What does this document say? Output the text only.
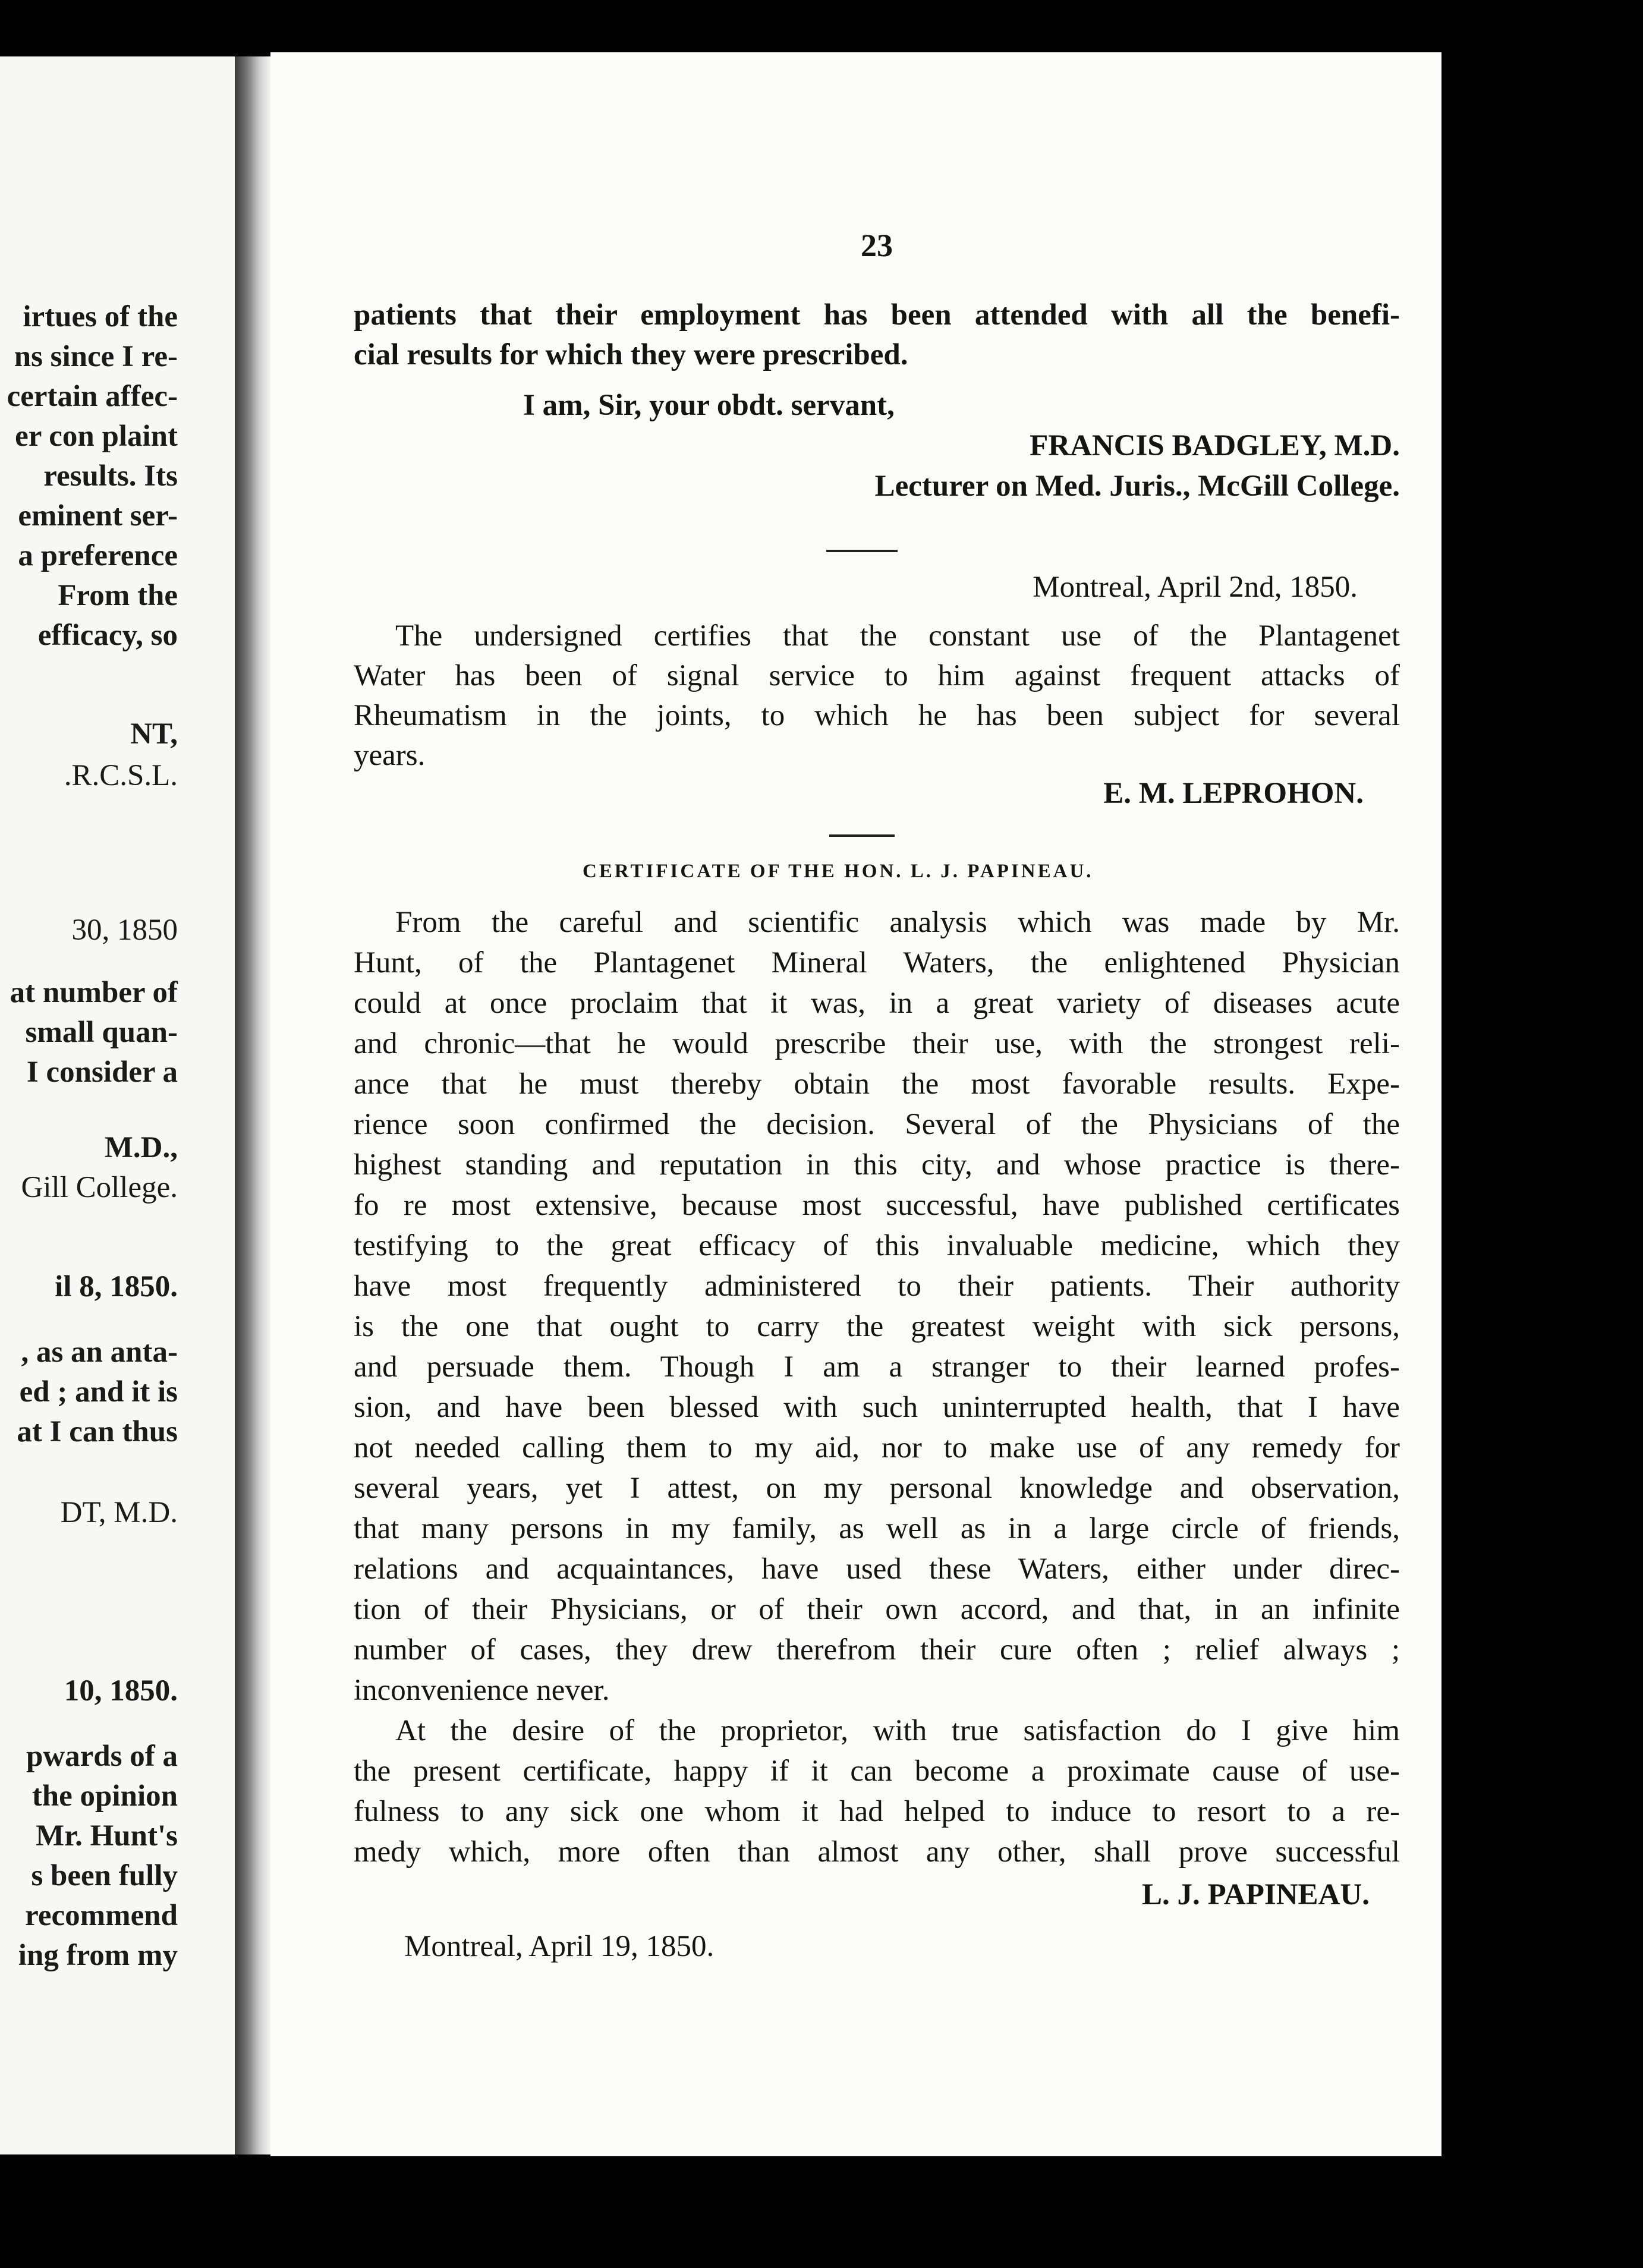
irtues of the
ns since I re-
certain affec-
er con plaint
results. Its
eminent ser-
a preference
From the
efficacy, so
NT,
.R.C.S.L.
30, 1850
at number of
small quan-
I consider a
M.D.,
Gill College.
il 8, 1850.
, as an anta-
ed ; and it is
at I can thus
DT, M.D.
10, 1850.
pwards of a
the opinion
Mr. Hunt's
s been fully
recommend
ing from my
23
patients that their employment has been attended with all the benefi-
cial results for which they were prescribed.
I am, Sir, your obdt. servant,
FRANCIS BADGLEY, M.D.
Lecturer on Med. Juris., McGill College.
Montreal, April 2nd, 1850.
The undersigned certifies that the constant use of the Plantagenet
Water has been of signal service to him against frequent attacks of
Rheumatism in the joints, to which he has been subject for several
years.
E. M. LEPROHON.
CERTIFICATE OF THE HON. L. J. PAPINEAU.
From the careful and scientific analysis which was made by Mr.
Hunt, of the Plantagenet Mineral Waters, the enlightened Physician
could at once proclaim that it was, in a great variety of diseases acute
and chronic—that he would prescribe their use, with the strongest reli-
ance that he must thereby obtain the most favorable results. Expe-
rience soon confirmed the decision. Several of the Physicians of the
highest standing and reputation in this city, and whose practice is there-
fo re most extensive, because most successful, have published certificates
testifying to the great efficacy of this invaluable medicine, which they
have most frequently administered to their patients. Their authority
is the one that ought to carry the greatest weight with sick persons,
and persuade them. Though I am a stranger to their learned profes-
sion, and have been blessed with such uninterrupted health, that I have
not needed calling them to my aid, nor to make use of any remedy for
several years, yet I attest, on my personal knowledge and observation,
that many persons in my family, as well as in a large circle of friends,
relations and acquaintances, have used these Waters, either under direc-
tion of their Physicians, or of their own accord, and that, in an infinite
number of cases, they drew therefrom their cure often ; relief always ;
inconvenience never.
At the desire of the proprietor, with true satisfaction do I give him
the present certificate, happy if it can become a proximate cause of use-
fulness to any sick one whom it had helped to induce to resort to a re-
medy which, more often than almost any other, shall prove successful
L. J. PAPINEAU.
Montreal, April 19, 1850.
